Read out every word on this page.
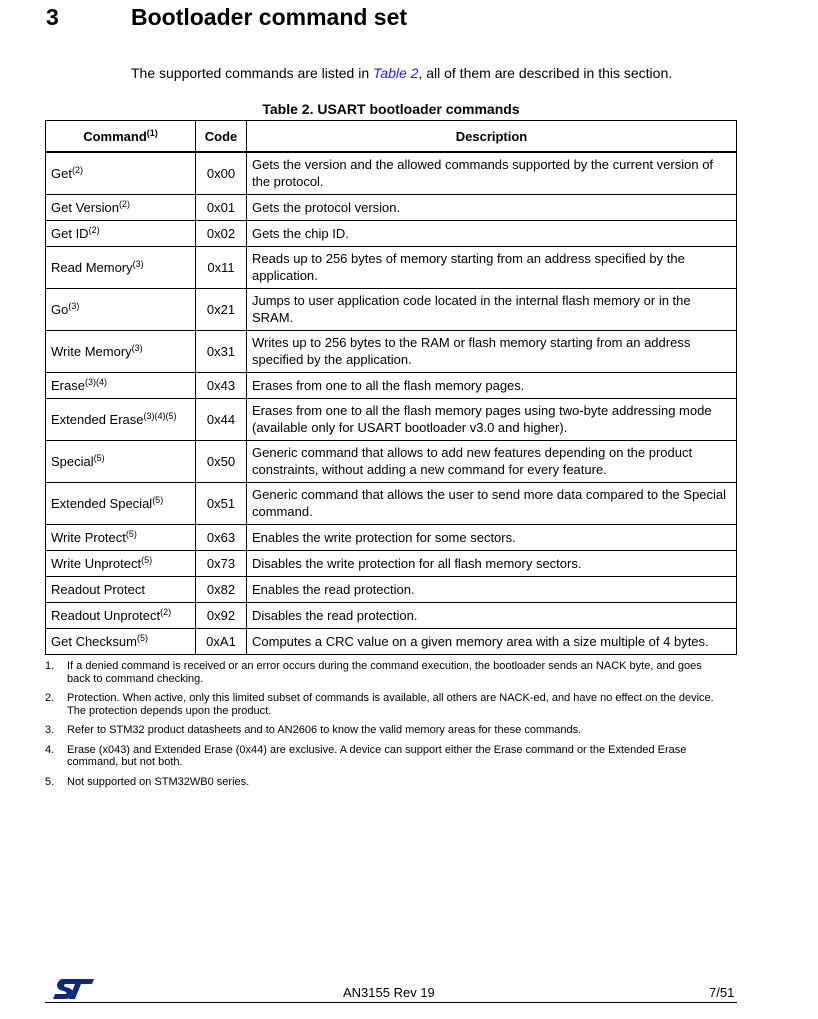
3	Bootloader command set
The supported commands are listed in Table 2, all of them are described in this section.
Table 2. USART bootloader commands
Command$^{(1)}$	Code	Description
Get$^{(2)}$	0x00	Gets the version and the allowed commands supported by the current version of the protocol.
Get Version$^{(2)}$	0x01	Gets the protocol version.
Get ID$^{(2)}$	0x02	Gets the chip ID.
Read Memory$^{(3)}$	0x11	Reads up to 256 bytes of memory starting from an address specified by the application.
Go$^{(3)}$	0x21	Jumps to user application code located in the internal flash memory or in the SRAM.
Write Memory$^{(3)}$	0x31	Writes up to 256 bytes to the RAM or flash memory starting from an address specified by the application.
Erase$^{(3)(4)}$	0x43	Erases from one to all the flash memory pages.
Extended Erase$^{(3)(4)(5)}$	0x44	Erases from one to all the flash memory pages using two-byte addressing mode (available only for USART bootloader v3.0 and higher).
Special$^{(5)}$	0x50	Generic command that allows to add new features depending on the product constraints, without adding a new command for every feature.
Extended Special$^{(5)}$	0x51	Generic command that allows the user to send more data compared to the Special command.
Write Protect$^{(5)}$	0x63	Enables the write protection for some sectors.
Write Unprotect$^{(5)}$	0x73	Disables the write protection for all flash memory sectors.
Readout Protect	0x82	Enables the read protection.
Readout Unprotect$^{(2)}$	0x92	Disables the read protection.
Get Checksum$^{(5)}$	0xA1	Computes a CRC value on a given memory area with a size multiple of 4 bytes.
1.	If a denied command is received or an error occurs during the command execution, the bootloader sends an NACK byte, and goes back to command checking.
2.	Protection. When active, only this limited subset of commands is available, all others are NACK-ed, and have no effect on the device. The protection depends upon the product.
3.	Refer to STM32 product datasheets and to AN2606 to know the valid memory areas for these commands.
4.	Erase (x043) and Extended Erase (0x44) are exclusive. A device can support either the Erase command or the Extended Erase command, but not both.
5.	Not supported on STM32WB0 series.
AN3155 Rev 19	7/51
